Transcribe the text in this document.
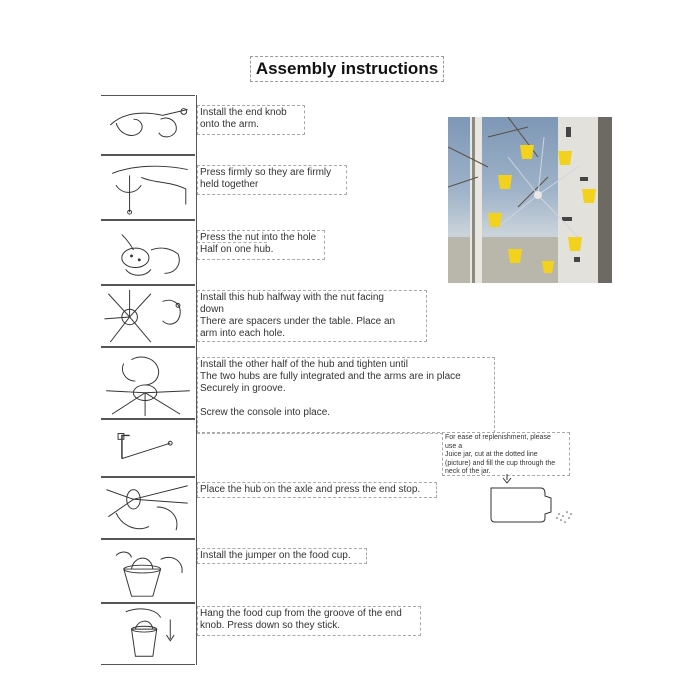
Assembly instructions
Install the end knob
onto the arm.
Press firmly so they are firmly
held together
Press the nut into the hole
Half on one hub.
Install this hub halfway with the nut facing
down
There are spacers under the table. Place an
arm into each hole.
Install the other half of the hub and tighten until
The two hubs are fully integrated and the arms are in place
Securely in groove.

Screw the console into place.
Place the hub on the axle and press the end stop.
Install the jumper on the food cup.
Hang the food cup from the groove of the end
knob. Press down so they stick.
For ease of replenishment, please
use a
Juice jar, cut at the dotted line
(picture) and fill the cup through the
neck of the jar.
